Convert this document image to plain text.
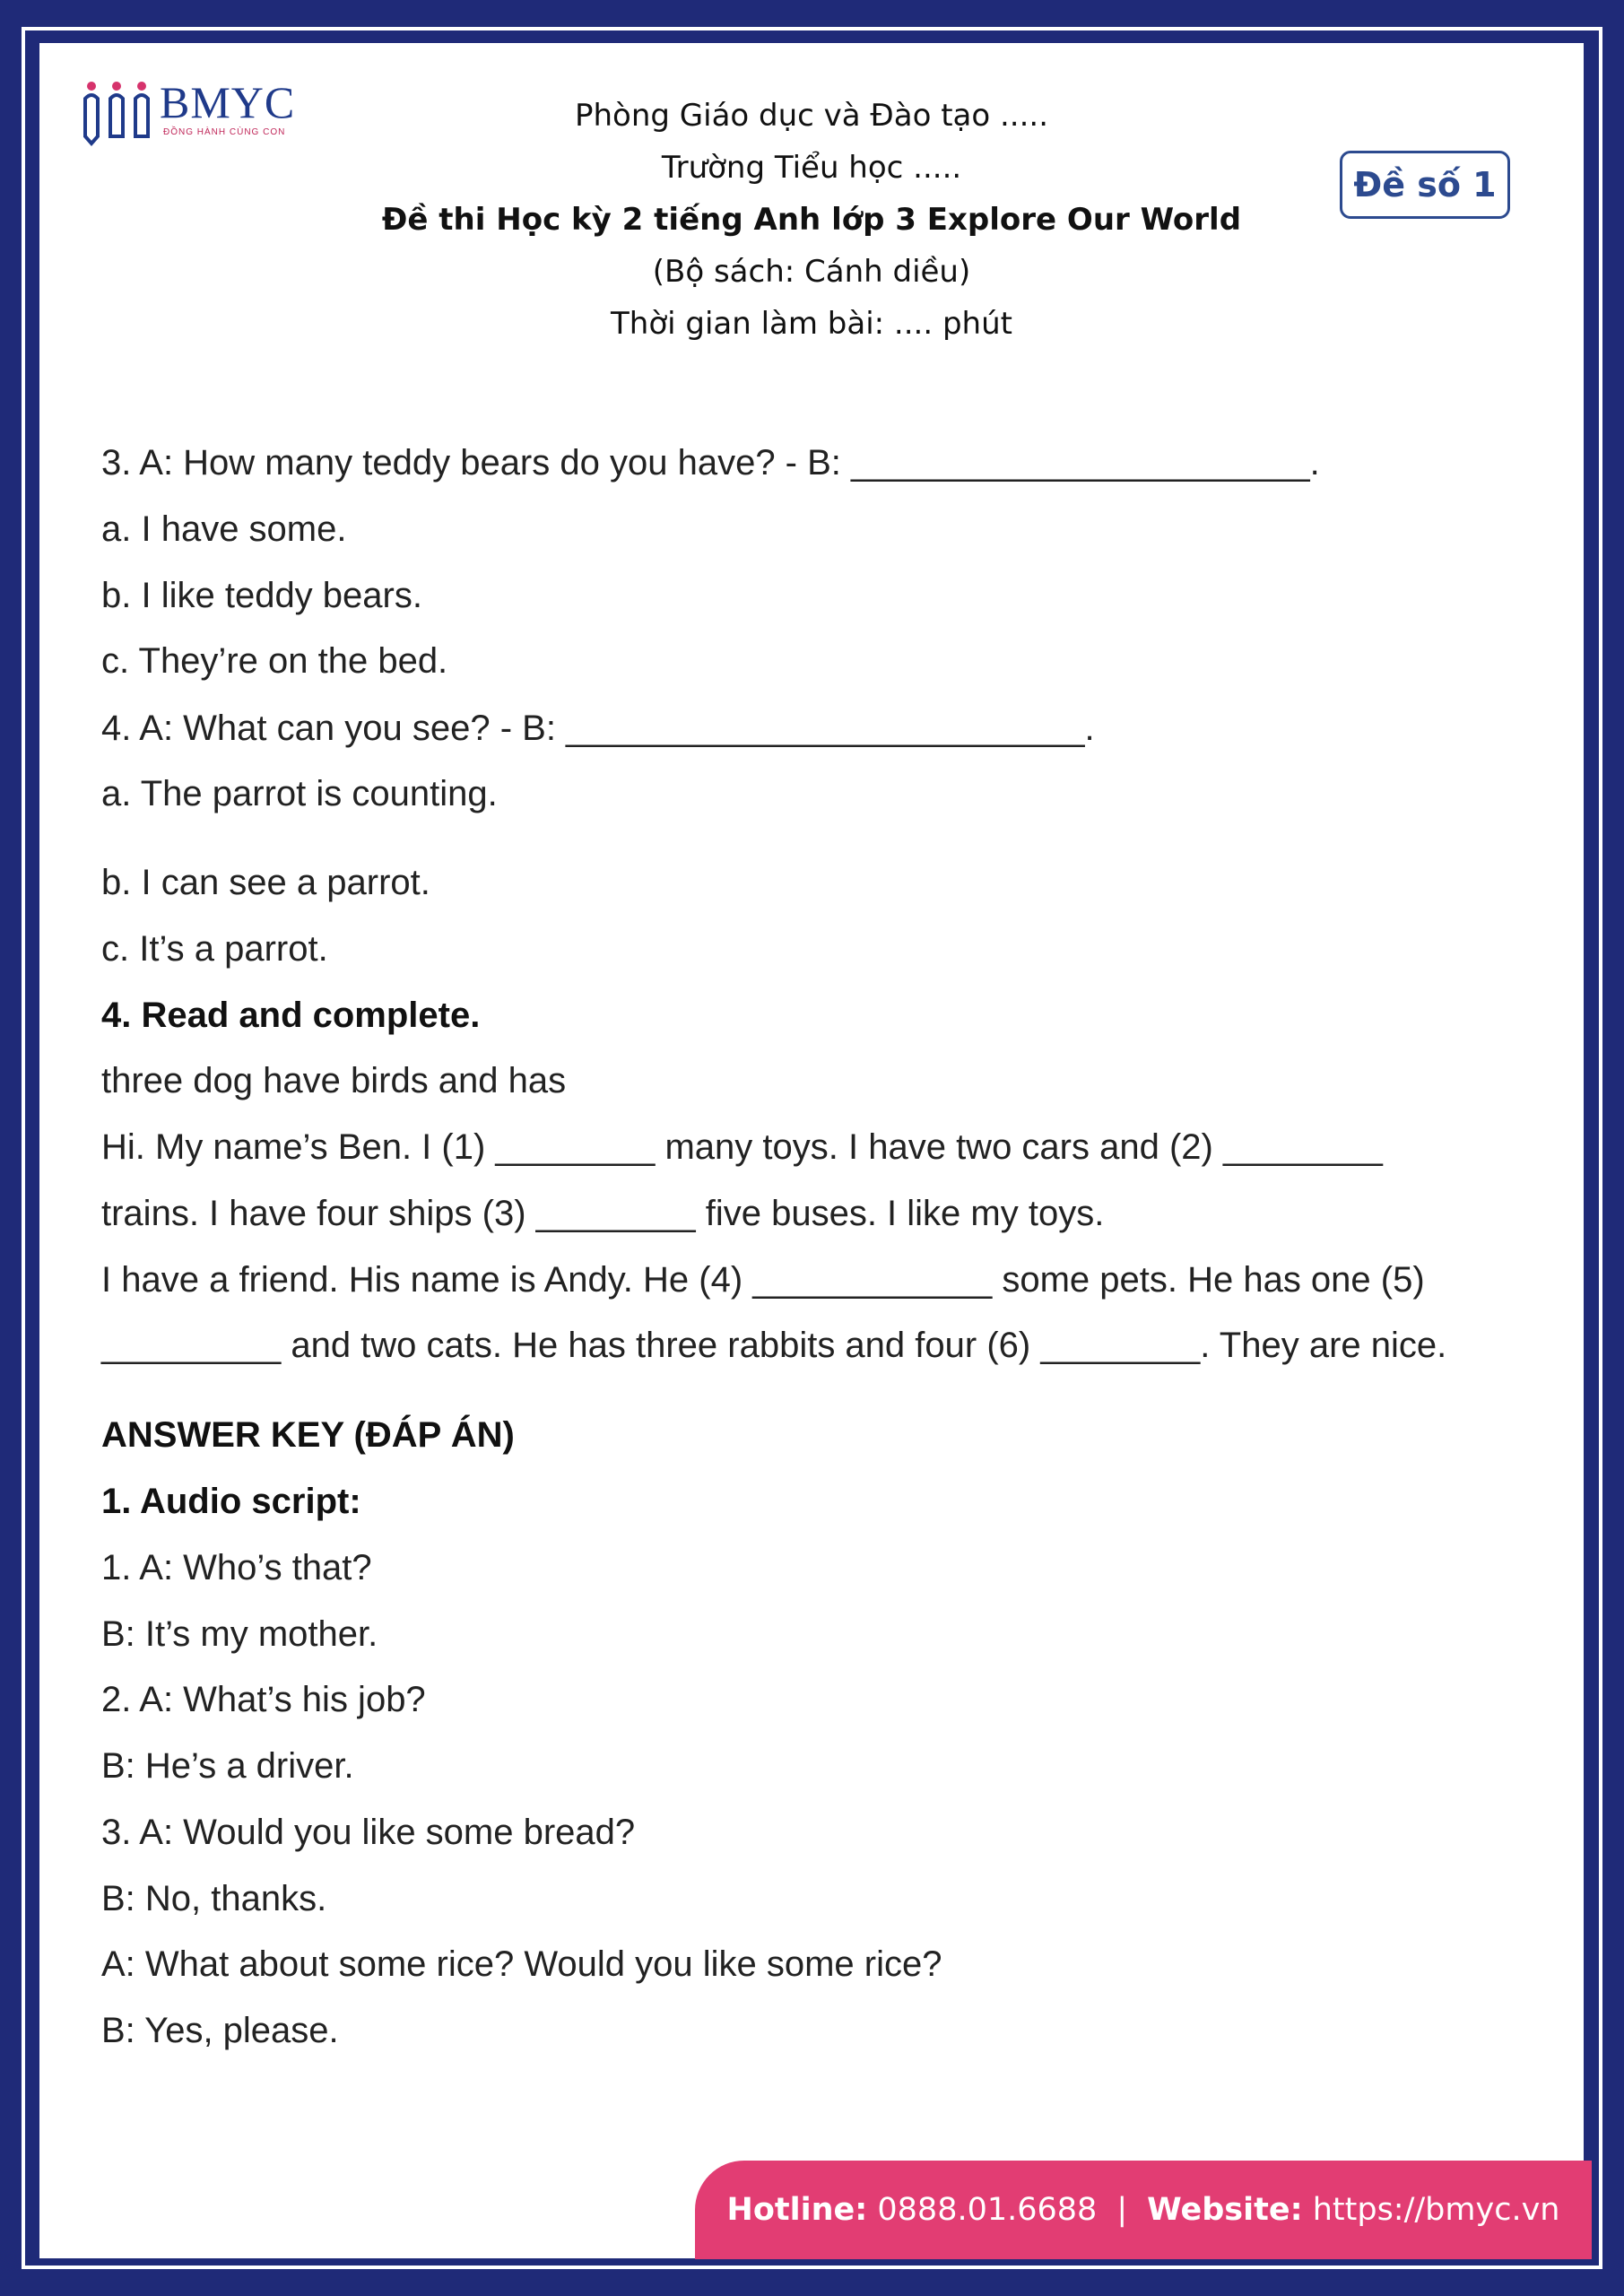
BMYC
ĐỒNG HÀNH CÙNG CON	Phòng Giáo dục và Đào tạo .....
Trường Tiểu học .....
Đề thi Học kỳ 2 tiếng Anh lớp 3 Explore Our World
(Bộ sách: Cánh diều)
Thời gian làm bài: .... phút
Đề số 1
3. A: How many teddy bears do you have? - B: _______________________.
a. I have some.
b. I like teddy bears.
c. They’re on the bed.
4. A: What can you see? - B: __________________________.
a. The parrot is counting.
b. I can see a parrot.
c. It’s a parrot.
4. Read and complete.
three dog have birds and has
Hi. My name’s Ben. I (1) ________ many toys. I have two cars and (2) ________
trains. I have four ships (3) ________ five buses. I like my toys.
I have a friend. His name is Andy. He (4) ____________ some pets. He has one (5)
_________ and two cats. He has three rabbits and four (6) ________. They are nice.
ANSWER KEY (ĐÁP ÁN)
1. Audio script:
1. A: Who’s that?
B: It’s my mother.
2. A: What’s his job?
B: He’s a driver.
3. A: Would you like some bread?
B: No, thanks.
A: What about some rice? Would you like some rice?
B: Yes, please.
Hotline:
0888.01.6688 | Website:
https://bmyc.vn
